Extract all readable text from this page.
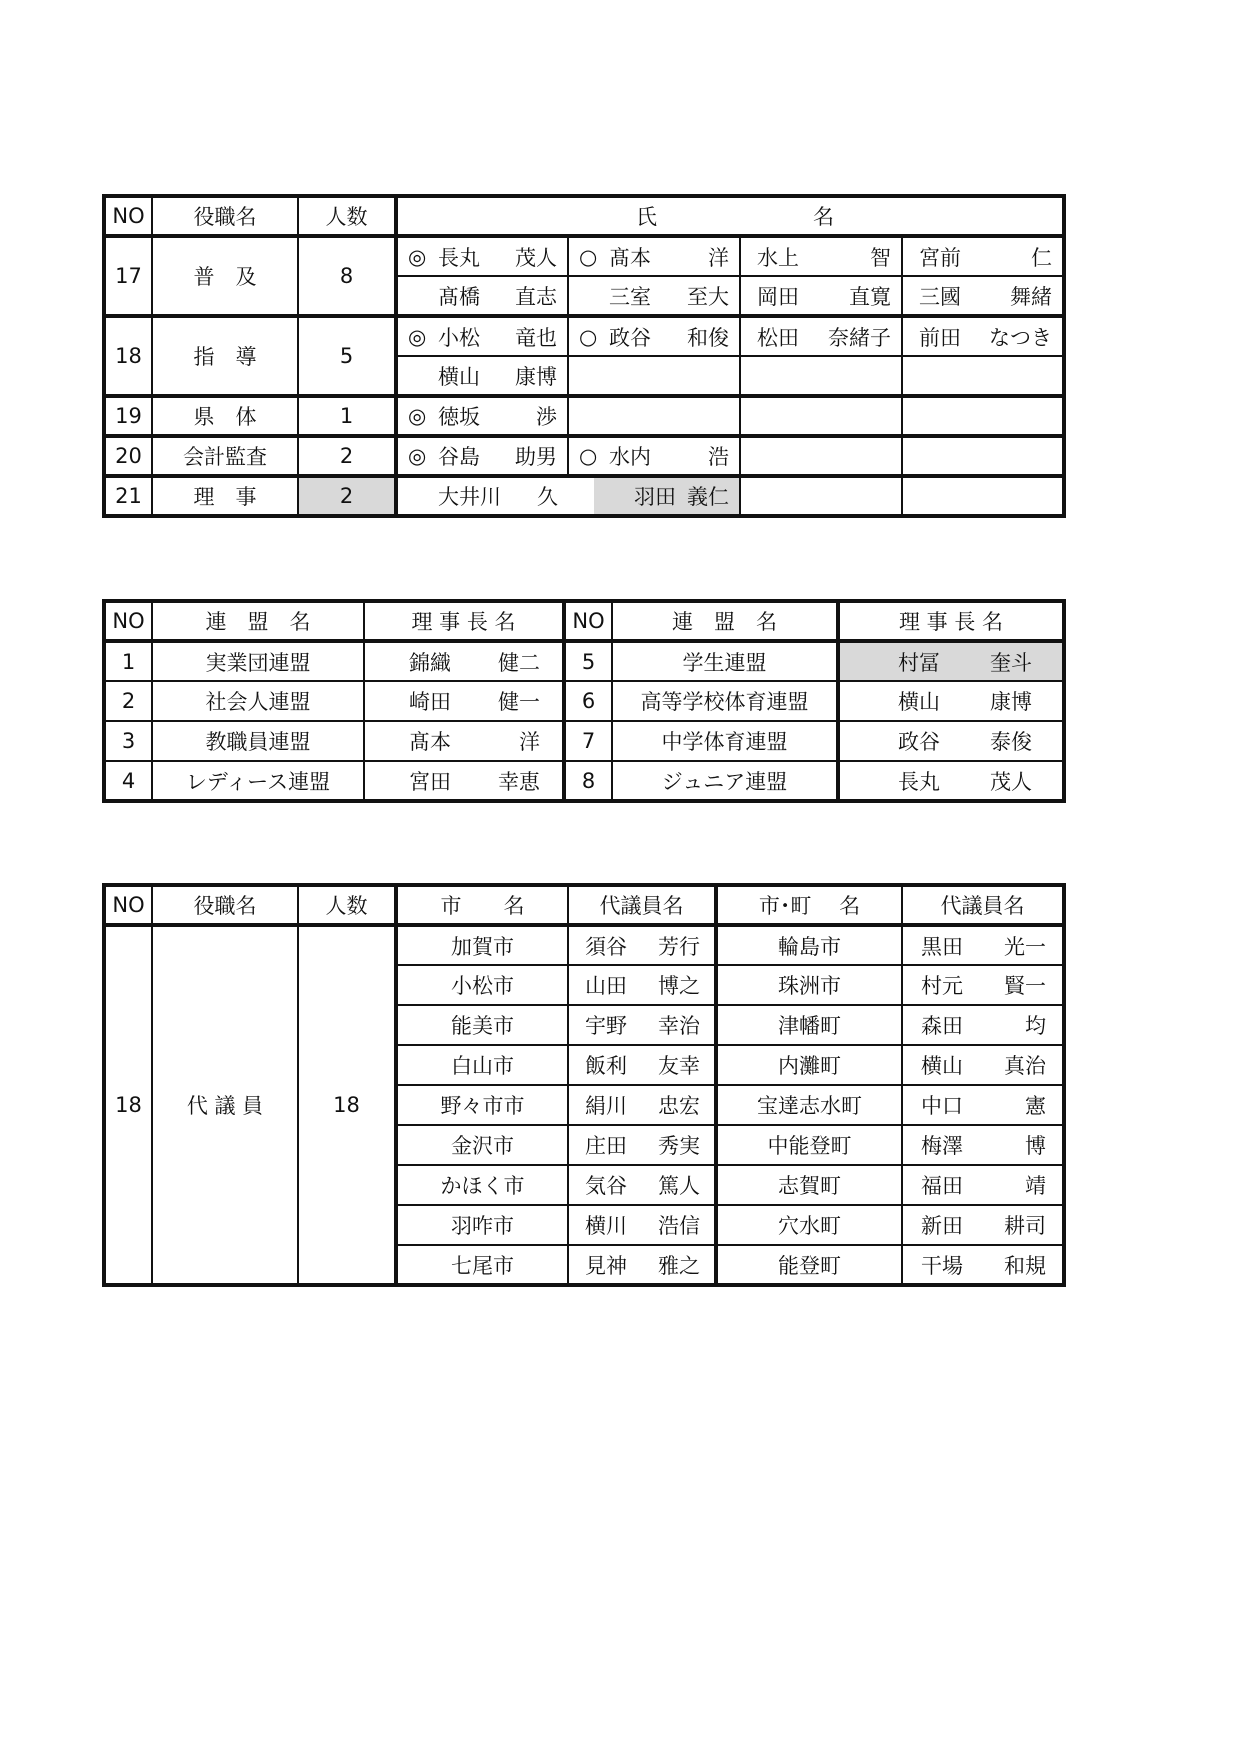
NO	役職名	人数	氏 名			

17	普　及	8	◎ 長丸 茂人	○ 髙本 洋	水上 智	宮前 仁

			髙橋 直志	三室 至大	岡田 直寛	三國 舞緒

18	指　導	5	◎ 小松 竜也	○ 政谷 和俊	松田 奈緒子	前田 なつき

			横山 康博			

19	県　体	1	◎ 徳坂 渉			

20	会計監査	2	◎ 谷島 助男	○ 水内 浩		

21	理　事	2	大井川 久	羽田 義仁		

NO	連　盟　名	理 事 長 名	NO	連　盟　名	理 事 長 名
1	実業団連盟	錦織 健二	5	学生連盟	村冨 奎斗

2	社会人連盟	崎田 健一	6	高等学校体育連盟	横山 康博

3	教職員連盟	髙本 洋	7	中学体育連盟	政谷 泰俊

4	レディース連盟	宮田 幸恵	8	ジュニア連盟	長丸 茂人
NO	役職名	人数	市　　名	代議員名	市･町　 名	代議員名
18	代 議 員	18	加賀市	須谷 芳行	輪島市	黒田 光一

			小松市	山田 博之	珠洲市	村元 賢一

			能美市	宇野 幸治	津幡町	森田 均

			白山市	飯利 友幸	内灘町	横山 真治

			野々市市	絹川 忠宏	宝達志水町	中口 憲

			金沢市	庄田 秀実	中能登町	梅澤 博

			かほく市	気谷 篤人	志賀町	福田 靖

			羽咋市	横川 浩信	穴水町	新田 耕司

			七尾市	見神 雅之	能登町	干場 和規
